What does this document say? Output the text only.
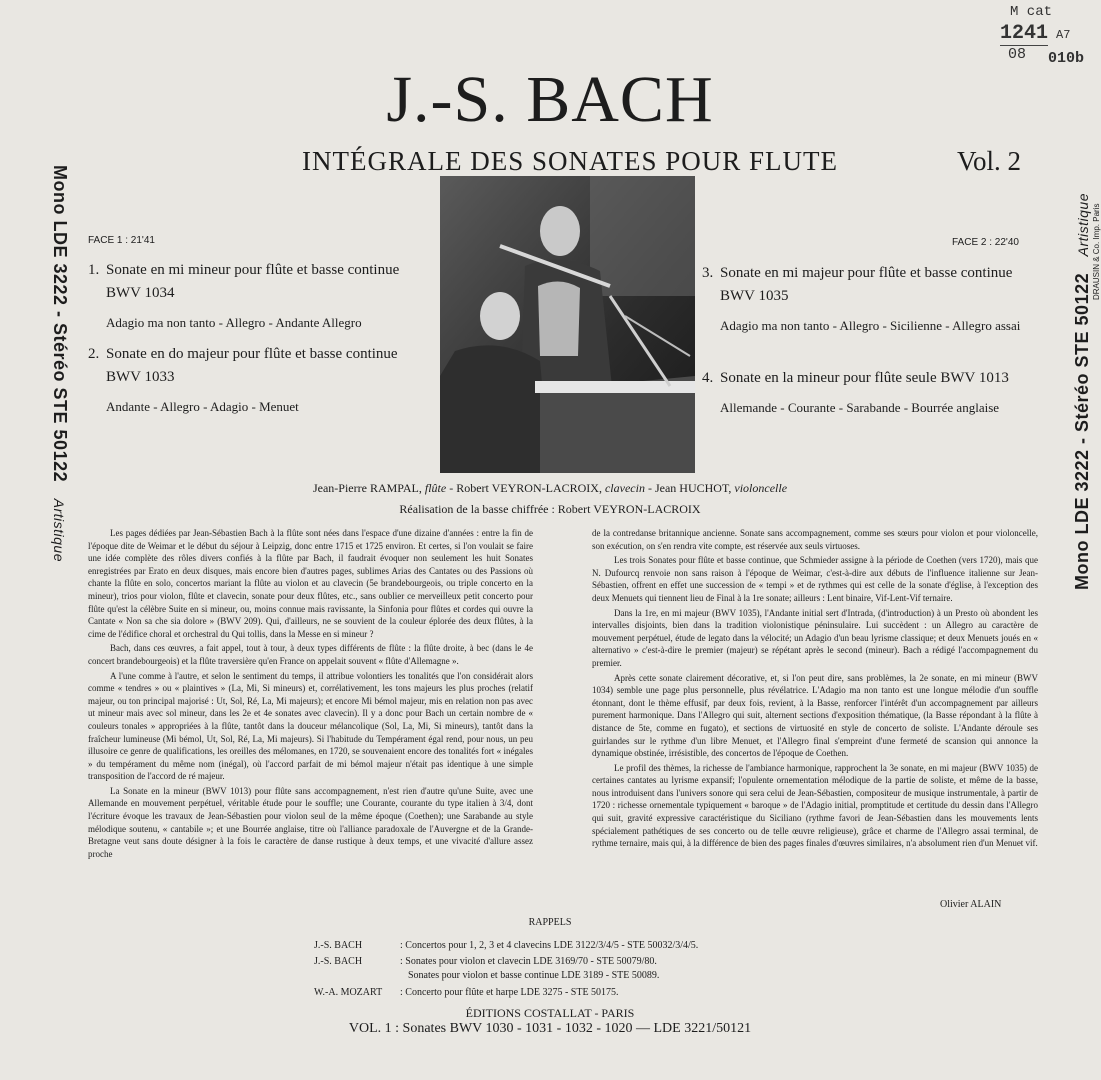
M cat
1241 A7
08 010b
J.-S. BACH
INTÉGRALE DES SONATES POUR FLUTE	Vol. 2
Mono LDE 3222 - Stéréo STE 50122   Artistique	Mono LDE 3222 - Stéréo STE 50122   Artistique DRAUSIN & Co. Imp. Paris
FACE 1 : 21'41
1. Sonate en mi mineur pour flûte et basse continue BWV 1034
Adagio ma non tanto - Allegro - Andante Allegro
2. Sonate en do majeur pour flûte et basse continue BWV 1033
Andante - Allegro - Adagio - Menuet
FACE 2 : 22'40
3. Sonate en mi majeur pour flûte et basse continue BWV 1035
Adagio ma non tanto - Allegro - Sicilienne - Allegro assai
4. Sonate en la mineur pour flûte seule BWV 1013
Allemande - Courante - Sarabande - Bourrée anglaise
Jean-Pierre RAMPAL, flûte - Robert VEYRON-LACROIX, clavecin - Jean HUCHOT, violoncelle
Réalisation de la basse chiffrée : Robert VEYRON-LACROIX

Les pages dédiées par Jean-Sébastien Bach à la flûte sont nées dans l'espace d'une dizaine d'années : entre la fin de l'époque dite de Weimar et le début du séjour à Leipzig, donc entre 1715 et 1725 environ. Et certes, si l'on voulait se faire une idée complète des rôles divers confiés à la flûte par Bach, il faudrait évoquer non seulement les huit Sonates enregistrées par Erato en deux disques, mais encore bien d'autres pages, sublimes Arias des Cantates ou des Passions où chante la flûte en solo, concertos mariant la flûte au violon et au clavecin (5e brandebourgeois, ou triple concerto en la mineur), trios pour violon, flûte et clavecin, sonate pour deux flûtes, etc., sans oublier ce merveilleux petit concerto pour flûte qu'est la célèbre Suite en si mineur, ou, moins connue mais ravissante, la Sinfonia pour flûtes et cordes qui ouvre la Cantate « Non sa che sia dolore » (BWV 209). Qui, d'ailleurs, ne se souvient de la couleur éplorée des deux flûtes, à la cime de l'édifice choral et orchestral du Qui tollis, dans la Messe en si mineur ?

Bach, dans ces œuvres, a fait appel, tout à tour, à deux types différents de flûte : la flûte droite, à bec (dans le 4e concert brandebourgeois) et la flûte traversière qu'en France on appelait souvent « flûte d'Allemagne ».

A l'une comme à l'autre, et selon le sentiment du temps, il attribue volontiers les tonalités que l'on considérait alors comme « tendres » ou « plaintives » (La, Mi, Si mineurs) et, corrélativement, les tons majeurs les plus proches (relatif majeur, ou ton principal majorisé : Ut, Sol, Ré, La, Mi majeurs); et encore Mi bémol majeur, mis en relation non pas avec ut mineur mais avec sol mineur, dans les 2e et 4e sonates avec clavecin). Il y a donc pour Bach un certain nombre de « couleurs tonales » appropriées à la flûte, tantôt dans la douceur mélancolique (Sol, La, Mi, Si mineurs), tantôt dans la fraîcheur lumineuse (Mi bémol, Ut, Sol, Ré, La, Mi majeurs). Si l'habitude du Tempérament égal rend, pour nous, un peu illusoire ce genre de qualifications, les oreilles des mélomanes, en 1720, se souvenaient encore des tonalités fort « inégales » du tempérament du même nom (inégal), où l'accord parfait de mi bémol majeur n'était pas identique à une simple transposition de l'accord de ré majeur.

La Sonate en la mineur (BWV 1013) pour flûte sans accompagnement, n'est rien d'autre qu'une Suite, avec une Allemande en mouvement perpétuel, véritable étude pour le souffle; une Courante, courante du type italien à 3/4, dont l'écriture évoque les travaux de Jean-Sébastien pour violon seul de la même époque (Coethen); une Sarabande au style mélodique soutenu, « cantabile »; et une Bourrée anglaise, titre où l'alliance paradoxale de l'Auvergne et de la Grande-Bretagne veut sans doute désigner à la fois le caractère de danse rustique à deux temps, et une vivacité d'allure assez proche

de la contredanse britannique ancienne. Sonate sans accompagnement, comme ses sœurs pour violon et pour violoncelle, son exécution, on s'en rendra vite compte, est réservée aux seuls virtuoses.

Les trois Sonates pour flûte et basse continue, que Schmieder assigne à la période de Coethen (vers 1720), mais que N. Dufourcq renvoie non sans raison à l'époque de Weimar, c'est-à-dire aux débuts de l'influence italienne sur Jean-Sébastien, offrent en effet une succession de « tempi » et de rythmes qui est celle de la sonate d'église, à l'exception des deux Menuets qui tiennent lieu de Final à la 1re sonate; ailleurs : Lent binaire, Vif-Lent-Vif ternaire.

Dans la 1re, en mi majeur (BWV 1035), l'Andante initial sert d'Intrada, (d'introduction) à un Presto où abondent les intervalles disjoints, bien dans la tradition violonistique péninsulaire. Lui succèdent : un Allegro au caractère de mouvement perpétuel, étude de legato dans la vélocité; un Adagio d'un beau lyrisme classique; et deux Menuets joués en « alternativo » c'est-à-dire le premier (majeur) se répétant après le second (mineur). Bach a rédigé l'accompagnement du premier.

Après cette sonate clairement décorative, et, si l'on peut dire, sans problèmes, la 2e sonate, en mi mineur (BWV 1034) semble une page plus personnelle, plus révélatrice. L'Adagio ma non tanto est une longue mélodie d'un souffle étonnant, dont le thème effusif, par deux fois, revient, à la Basse, renforcer l'intérêt d'un accompagnement par ailleurs purement harmonique. Dans l'Allegro qui suit, alternent sections d'exposition thématique, (la Basse répondant à la flûte à distance de 5te, comme en fugato), et sections de virtuosité en style de concerto de soliste. L'Andante déroule ses guirlandes sur le rythme d'un libre Menuet, et l'Allegro final s'empreint d'une fermeté de scansion qui annonce la dynamique obstinée, irrésistible, des concertos de l'époque de Coethen.

Le profil des thèmes, la richesse de l'ambiance harmonique, rapprochent la 3e sonate, en mi majeur (BWV 1035) de certaines cantates au lyrisme expansif; l'opulente ornementation mélodique de la partie de soliste, et même de la basse, nous introduisent dans l'univers sonore qui sera celui de Jean-Sébastien, compositeur de musique instrumentale, à partir de 1720 : richesse ornementale typiquement « baroque » de l'Adagio initial, promptitude et certitude du dessin dans l'Allegro qui suit, gravité expressive caractéristique du Siciliano (rythme favori de Jean-Sébastien dans les mouvements lents spécialement pathétiques de ses concerto ou de telle œuvre religieuse), grâce et charme de l'Allegro assai terminal, de rythme ternaire, mais qui, à la différence de bien des pages finales d'œuvres similaires, n'a absolument rien d'un Menuet vif.

Olivier ALAIN
RAPPELS
J.-S. BACH	: Concertos pour 1, 2, 3 et 4 clavecins LDE 3122/3/4/5 - STE 50032/3/4/5.
J.-S. BACH	: Sonates pour violon et clavecin LDE 3169/70 - STE 50079/80.
Sonates pour violon et basse continue LDE 3189 - STE 50089.
W.-A. MOZART : Concerto pour flûte et harpe LDE 3275 - STE 50175.
ÉDITIONS COSTALLAT - PARIS
VOL. 1 : Sonates BWV 1030 - 1031 - 1032 - 1020 — LDE 3221/50121
